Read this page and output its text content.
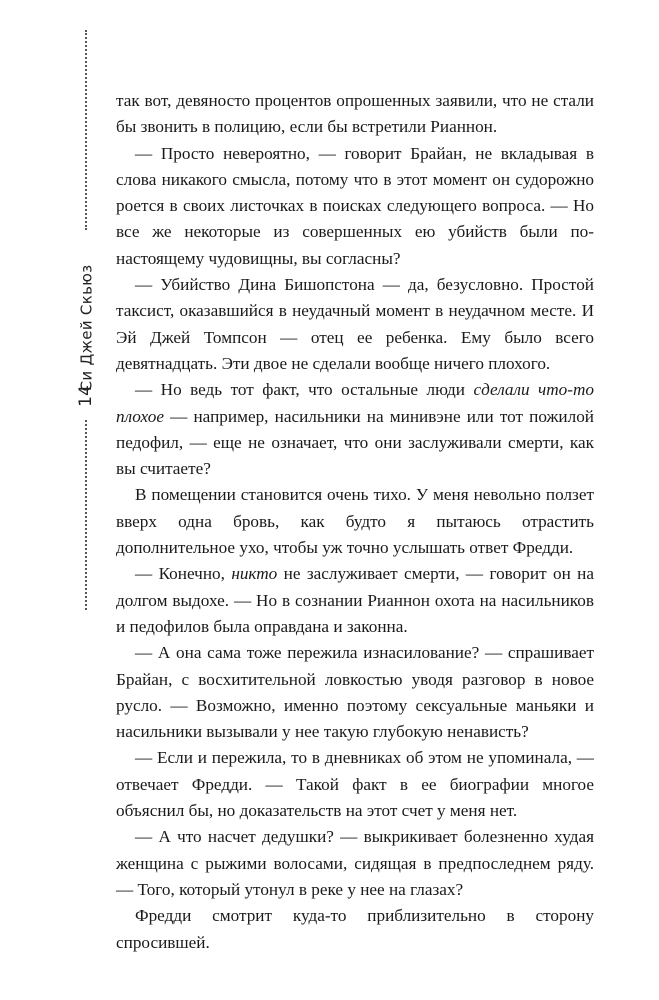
Си Джей Скьюз
14

так вот, девяносто процентов опрошенных заявили, что не стали бы звонить в полицию, если бы встретили Рианнон.

— Просто невероятно, — говорит Брайан, не вкладывая в слова никакого смысла, потому что в этот момент он судорожно роется в своих листочках в поисках следующего вопроса. — Но все же некоторые из совершенных ею убийств были по-настоящему чудовищны, вы согласны?

— Убийство Дина Бишопстона — да, безусловно. Простой таксист, оказавшийся в неудачный момент в неудачном месте. И Эй Джей Томпсон — отец ее ребенка. Ему было всего девятнадцать. Эти двое не сделали вообще ничего плохого.

— Но ведь тот факт, что остальные люди сделали что-то плохое — например, насильники на минивэне или тот пожилой педофил, — еще не означает, что они заслуживали смерти, как вы считаете?

В помещении становится очень тихо. У меня невольно ползет вверх одна бровь, как будто я пытаюсь отрастить дополнительное ухо, чтобы уж точно услышать ответ Фредди.

— Конечно, никто не заслуживает смерти, — говорит он на долгом выдохе. — Но в сознании Рианнон охота на насильников и педофилов была оправдана и законна.

— А она сама тоже пережила изнасилование? — спрашивает Брайан, с восхитительной ловкостью уводя разговор в новое русло. — Возможно, именно поэтому сексуальные маньяки и насильники вызывали у нее такую глубокую ненависть?

— Если и пережила, то в дневниках об этом не упоминала, — отвечает Фредди. — Такой факт в ее биографии многое объяснил бы, но доказательств на этот счет у меня нет.

— А что насчет дедушки? — выкрикивает болезненно худая женщина с рыжими волосами, сидящая в предпоследнем ряду. — Того, который утонул в реке у нее на глазах?

Фредди смотрит куда-то приблизительно в сторону спросившей.
